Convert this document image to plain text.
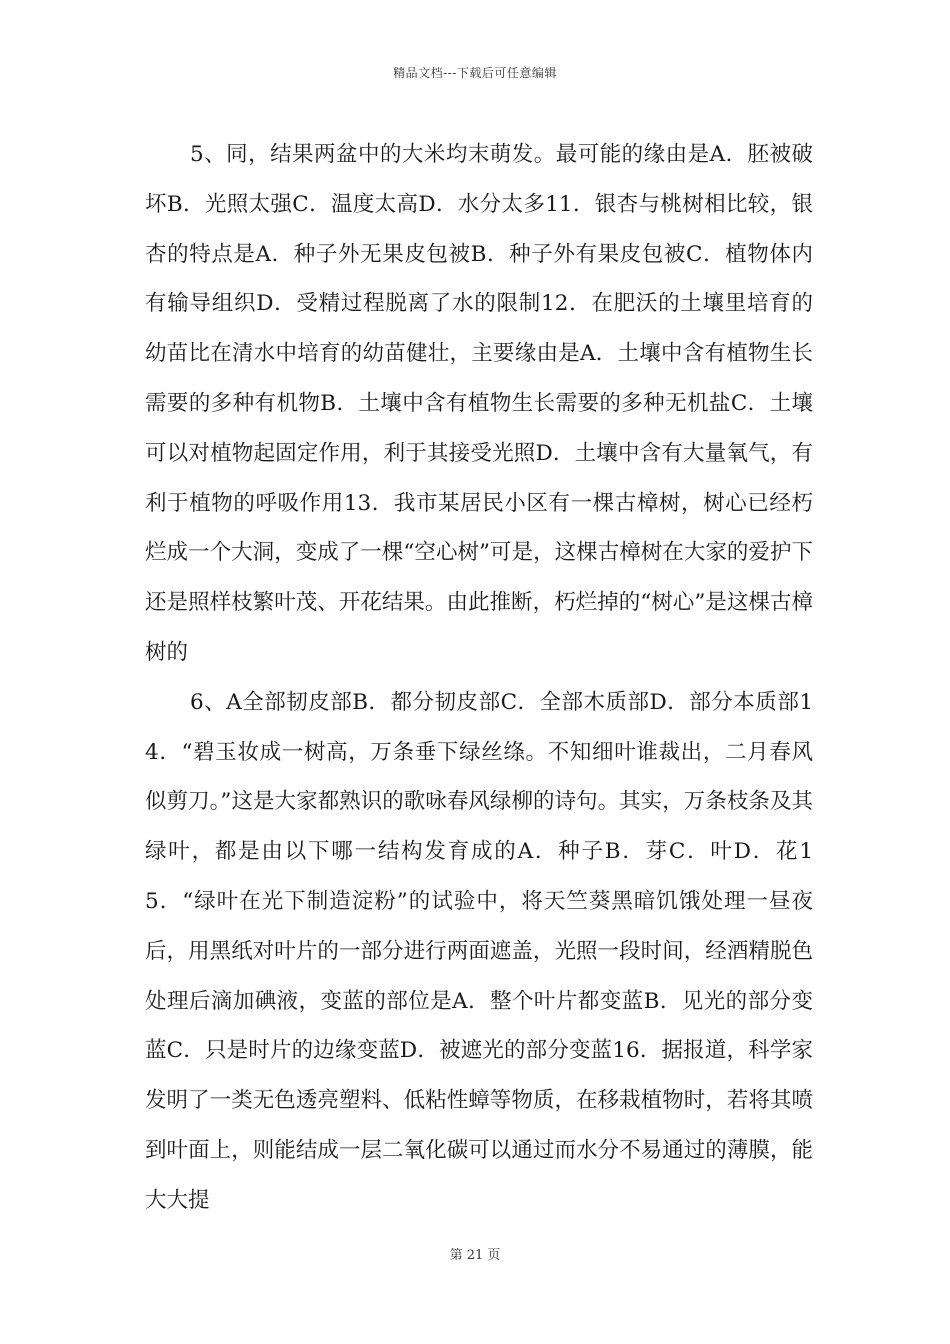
精品文档---下载后可任意编辑

5、同，结果两盆中的大米均末萌发。最可能的缘由是A．胚被破坏B．光照太强C．温度太高D．水分太多11．银杏与桃树相比较，银杏的特点是A．种子外无果皮包被B．种子外有果皮包被C．植物体内有输导组织D．受精过程脱离了水的限制12．在肥沃的土壤里培育的幼苗比在清水中培育的幼苗健壮，主要缘由是A．土壤中含有植物生长需要的多种有机物B．土壤中含有植物生长需要的多种无机盐C．土壤可以对植物起固定作用，利于其接受光照D．土壤中含有大量氧气，有利于植物的呼吸作用13．我市某居民小区有一棵古樟树，树心已经朽烂成一个大洞，变成了一棵“空心树”可是，这棵古樟树在大家的爱护下还是照样枝繁叶茂、开花结果。由此推断，朽烂掉的“树心”是这棵古樟树的

6、A全部韧皮部B．都分韧皮部C．全部木质部D．部分本质部14．“碧玉妆成一树高，万条垂下绿丝绦。不知细叶谁裁出，二月春风似剪刀。”这是大家都熟识的歌咏春风绿柳的诗句。其实，万条枝条及其绿叶，都是由以下哪一结构发育成的A．种子B．芽C．叶D．花15．“绿叶在光下制造淀粉”的试验中，将天竺葵黑暗饥饿处理一昼夜后，用黑纸对叶片的一部分进行两面遮盖，光照一段时间，经酒精脱色处理后滴加碘液，变蓝的部位是A．整个叶片都变蓝B．见光的部分变蓝C．只是时片的边缘变蓝D．被遮光的部分变蓝16．据报道，科学家发明了一类无色透亮塑料、低粘性蟑等物质，在移栽植物时，若将其喷到叶面上，则能结成一层二氧化碳可以通过而水分不易通过的薄膜，能大大提

第 21 页
